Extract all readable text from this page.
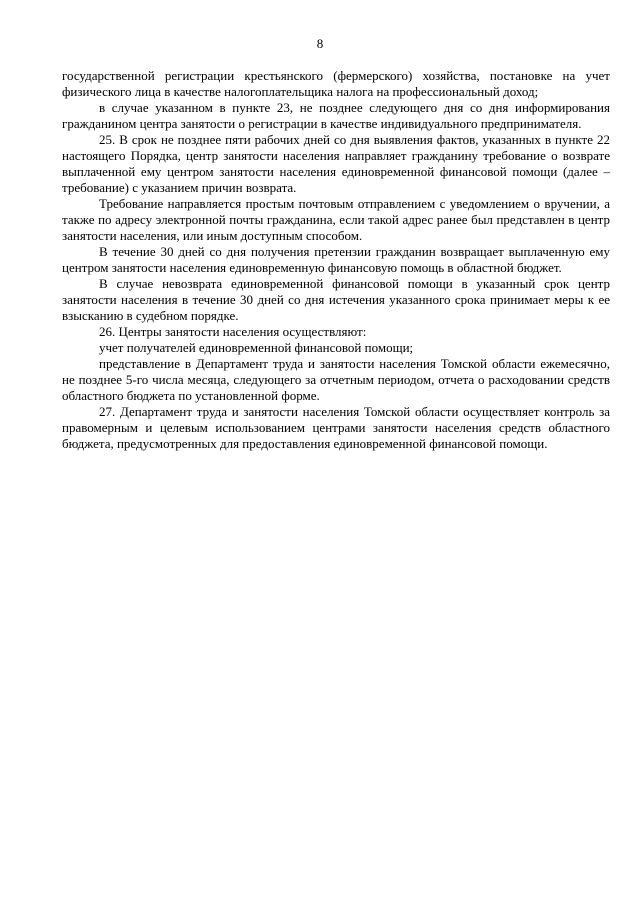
8

государственной регистрации крестьянского (фермерского) хозяйства, постановке на учет физического лица в качестве налогоплательщика налога на профессиональный доход;

в случае указанном в пункте 23, не позднее следующего дня со дня информирования гражданином центра занятости о регистрации в качестве индивидуального предпринимателя.

25. В срок не позднее пяти рабочих дней со дня выявления фактов, указанных в пункте 22 настоящего Порядка, центр занятости населения направляет гражданину требование о возврате выплаченной ему центром занятости населения единовременной финансовой помощи (далее – требование) с указанием причин возврата.

Требование направляется простым почтовым отправлением с уведомлением о вручении, а также по адресу электронной почты гражданина, если такой адрес ранее был представлен в центр занятости населения, или иным доступным способом.

В течение 30 дней со дня получения претензии гражданин возвращает выплаченную ему центром занятости населения единовременную финансовую помощь в областной бюджет.

В случае невозврата единовременной финансовой помощи в указанный срок центр занятости населения в течение 30 дней со дня истечения указанного срока принимает меры к ее взысканию в судебном порядке.

26. Центры занятости населения осуществляют:

учет получателей единовременной финансовой помощи;

представление в Департамент труда и занятости населения Томской области ежемесячно, не позднее 5-го числа месяца, следующего за отчетным периодом, отчета о расходовании средств областного бюджета по установленной форме.

27. Департамент труда и занятости населения Томской области осуществляет контроль за правомерным и целевым использованием центрами занятости населения средств областного бюджета, предусмотренных для предоставления единовременной финансовой помощи.
